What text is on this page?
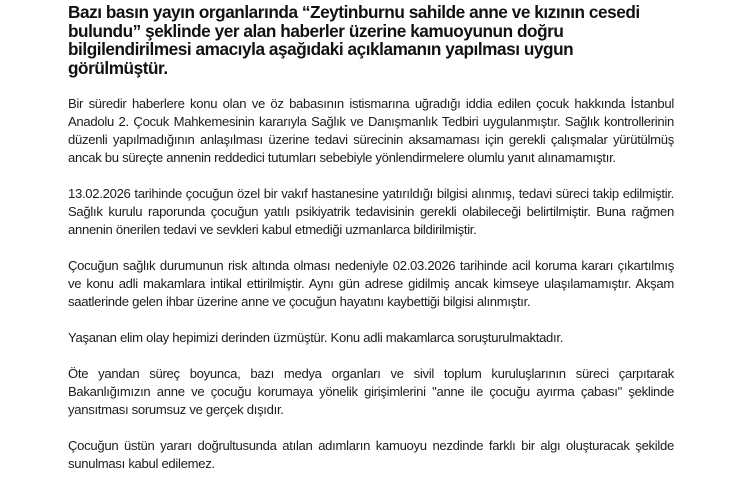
Bazı basın yayın organlarında “Zeytinburnu sahilde anne ve kızının cesedi bulundu” şeklinde yer alan haberler üzerine kamuoyunun doğru bilgilendirilmesi amacıyla aşağıdaki açıklamanın yapılması uygun görülmüştür.

Bir süredir haberlere konu olan ve öz babasının istismarına uğradığı iddia edilen çocuk hakkında İstanbul Anadolu 2. Çocuk Mahkemesinin kararıyla Sağlık ve Danışmanlık Tedbiri uygulanmıştır. Sağlık kontrollerinin düzenli yapılmadığının anlaşılması üzerine tedavi sürecinin aksamaması için gerekli çalışmalar yürütülmüş ancak bu süreçte annenin reddedici tutumları sebebiyle yönlendirmelere olumlu yanıt alınamamıştır.

13.02.2026 tarihinde çocuğun özel bir vakıf hastanesine yatırıldığı bilgisi alınmış, tedavi süreci takip edilmiştir. Sağlık kurulu raporunda çocuğun yatılı psikiyatrik tedavisinin gerekli olabileceği belirtilmiştir. Buna rağmen annenin önerilen tedavi ve sevkleri kabul etmediği uzmanlarca bildirilmiştir.

Çocuğun sağlık durumunun risk altında olması nedeniyle 02.03.2026 tarihinde acil koruma kararı çıkartılmış ve konu adli makamlara intikal ettirilmiştir. Aynı gün adrese gidilmiş ancak kimseye ulaşılamamıştır. Akşam saatlerinde gelen ihbar üzerine anne ve çocuğun hayatını kaybettiği bilgisi alınmıştır.

Yaşanan elim olay hepimizi derinden üzmüştür. Konu adli makamlarca soruşturulmaktadır.

Öte yandan süreç boyunca, bazı medya organları ve sivil toplum kuruluşlarının süreci çarpıtarak Bakanlığımızın anne ve çocuğu korumaya yönelik girişimlerini "anne ile çocuğu ayırma çabası" şeklinde yansıtması sorumsuz ve gerçek dışıdır.

Çocuğun üstün yararı doğrultusunda atılan adımların kamuoyu nezdinde farklı bir algı oluşturacak şekilde sunulması kabul edilemez.
